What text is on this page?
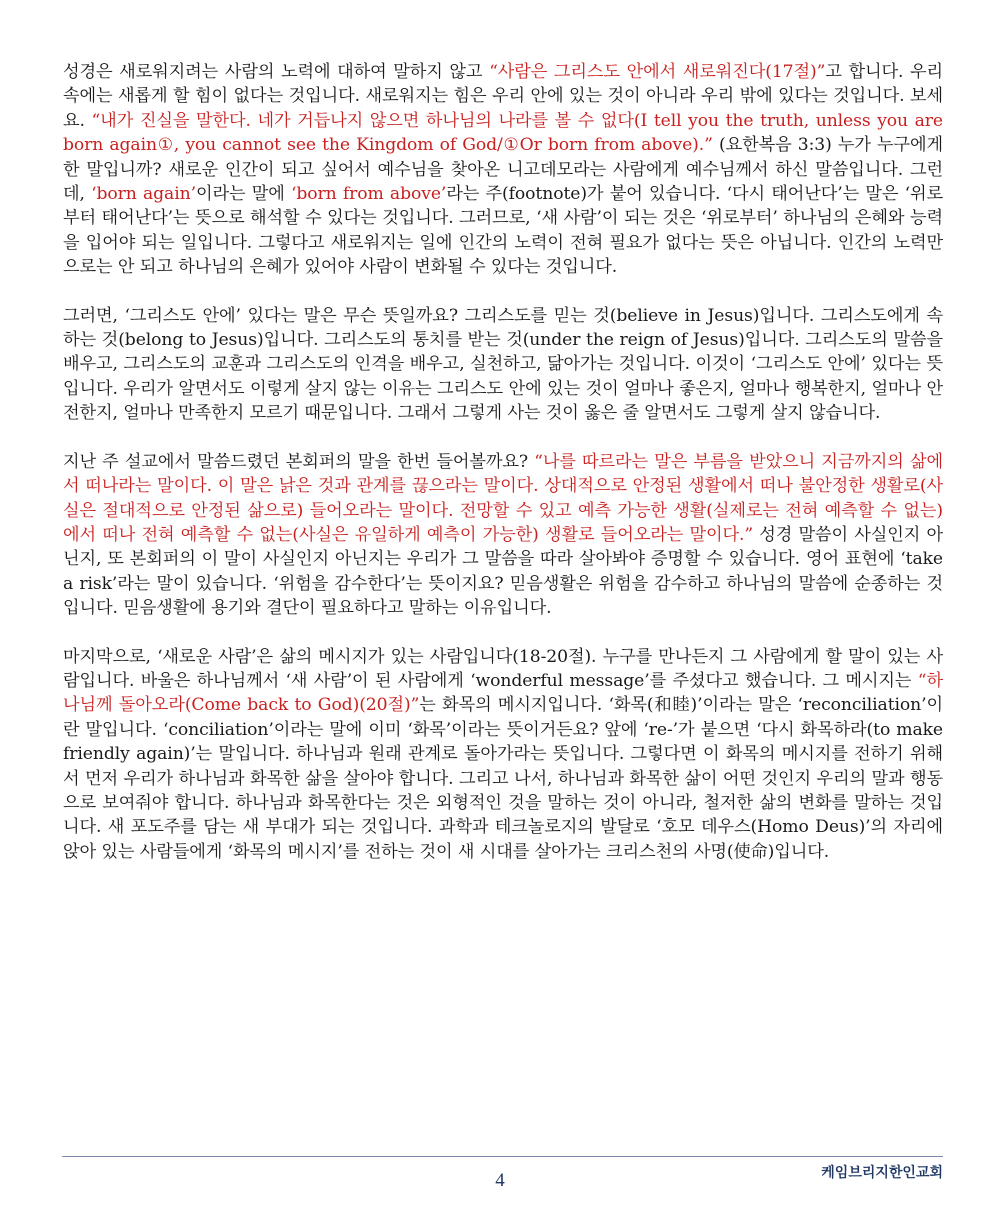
성경은 새로워지려는 사람의 노력에 대하여 말하지 않고 “사람은 그리스도 안에서 새로워진다(17절)”고 합니다. 우리 속에는 새롭게 할 힘이 없다는 것입니다. 새로워지는 힘은 우리 안에 있는 것이 아니라 우리 밖에 있다는 것입니다. 보세요. “내가 진실을 말한다. 네가 거듭나지 않으면 하나님의 나라를 볼 수 없다(I tell you the truth, unless you are born again①, you cannot see the Kingdom of God/①Or born from above).” (요한복음 3:3) 누가 누구에게 한 말입니까? 새로운 인간이 되고 싶어서 예수님을 찾아온 니고데모라는 사람에게 예수님께서 하신 말씀입니다. 그런데, ‘born again’이라는 말에 ‘born from above’라는 주(footnote)가 붙어 있습니다. ‘다시 태어난다’는 말은 ‘위로부터 태어난다’는 뜻으로 해석할 수 있다는 것입니다. 그러므로, ‘새 사람’이 되는 것은 ‘위로부터’ 하나님의 은혜와 능력을 입어야 되는 일입니다. 그렇다고 새로워지는 일에 인간의 노력이 전혀 필요가 없다는 뜻은 아닙니다. 인간의 노력만으로는 안 되고 하나님의 은혜가 있어야 사람이 변화될 수 있다는 것입니다.

그러면, ‘그리스도 안에’ 있다는 말은 무슨 뜻일까요? 그리스도를 믿는 것(believe in Jesus)입니다. 그리스도에게 속하는 것(belong to Jesus)입니다. 그리스도의 통치를 받는 것(under the reign of Jesus)입니다. 그리스도의 말씀을 배우고, 그리스도의 교훈과 그리스도의 인격을 배우고, 실천하고, 닮아가는 것입니다. 이것이 ‘그리스도 안에’ 있다는 뜻입니다. 우리가 알면서도 이렇게 살지 않는 이유는 그리스도 안에 있는 것이 얼마나 좋은지, 얼마나 행복한지, 얼마나 안전한지, 얼마나 만족한지 모르기 때문입니다. 그래서 그렇게 사는 것이 옳은 줄 알면서도 그렇게 살지 않습니다.

지난 주 설교에서 말씀드렸던 본회퍼의 말을 한번 들어볼까요? “나를 따르라는 말은 부름을 받았으니 지금까지의 삶에서 떠나라는 말이다. 이 말은 낡은 것과 관계를 끊으라는 말이다. 상대적으로 안정된 생활에서 떠나 불안정한 생활로(사실은 절대적으로 안정된 삶으로) 들어오라는 말이다. 전망할 수 있고 예측 가능한 생활(실제로는 전혀 예측할 수 없는)에서 떠나 전혀 예측할 수 없는(사실은 유일하게 예측이 가능한) 생활로 들어오라는 말이다.” 성경 말씀이 사실인지 아닌지, 또 본회퍼의 이 말이 사실인지 아닌지는 우리가 그 말씀을 따라 살아봐야 증명할 수 있습니다. 영어 표현에 ‘take a risk’라는 말이 있습니다. ‘위험을 감수한다’는 뜻이지요? 믿음생활은 위험을 감수하고 하나님의 말씀에 순종하는 것입니다. 믿음생활에 용기와 결단이 필요하다고 말하는 이유입니다.

마지막으로, ‘새로운 사람’은 삶의 메시지가 있는 사람입니다(18-20절). 누구를 만나든지 그 사람에게 할 말이 있는 사람입니다. 바울은 하나님께서 ‘새 사람’이 된 사람에게 ‘wonderful message’를 주셨다고 했습니다. 그 메시지는 “하나님께 돌아오라(Come back to God)(20절)”는 화목의 메시지입니다. ‘화목(和睦)’이라는 말은 ‘reconciliation’이란 말입니다. ‘conciliation’이라는 말에 이미 ‘화목’이라는 뜻이거든요? 앞에 ‘re-’가 붙으면 ‘다시 화목하라(to make friendly again)’는 말입니다. 하나님과 원래 관계로 돌아가라는 뜻입니다. 그렇다면 이 화목의 메시지를 전하기 위해서 먼저 우리가 하나님과 화목한 삶을 살아야 합니다. 그리고 나서, 하나님과 화목한 삶이 어떤 것인지 우리의 말과 행동으로 보여줘야 합니다. 하나님과 화목한다는 것은 외형적인 것을 말하는 것이 아니라, 철저한 삶의 변화를 말하는 것입니다. 새 포도주를 담는 새 부대가 되는 것입니다. 과학과 테크놀로지의 발달로 ‘호모 데우스(Homo Deus)’의 자리에 앉아 있는 사람들에게 ‘화목의 메시지’를 전하는 것이 새 시대를 살아가는 크리스천의 사명(使命)입니다.

4	케임브리지한인교회
